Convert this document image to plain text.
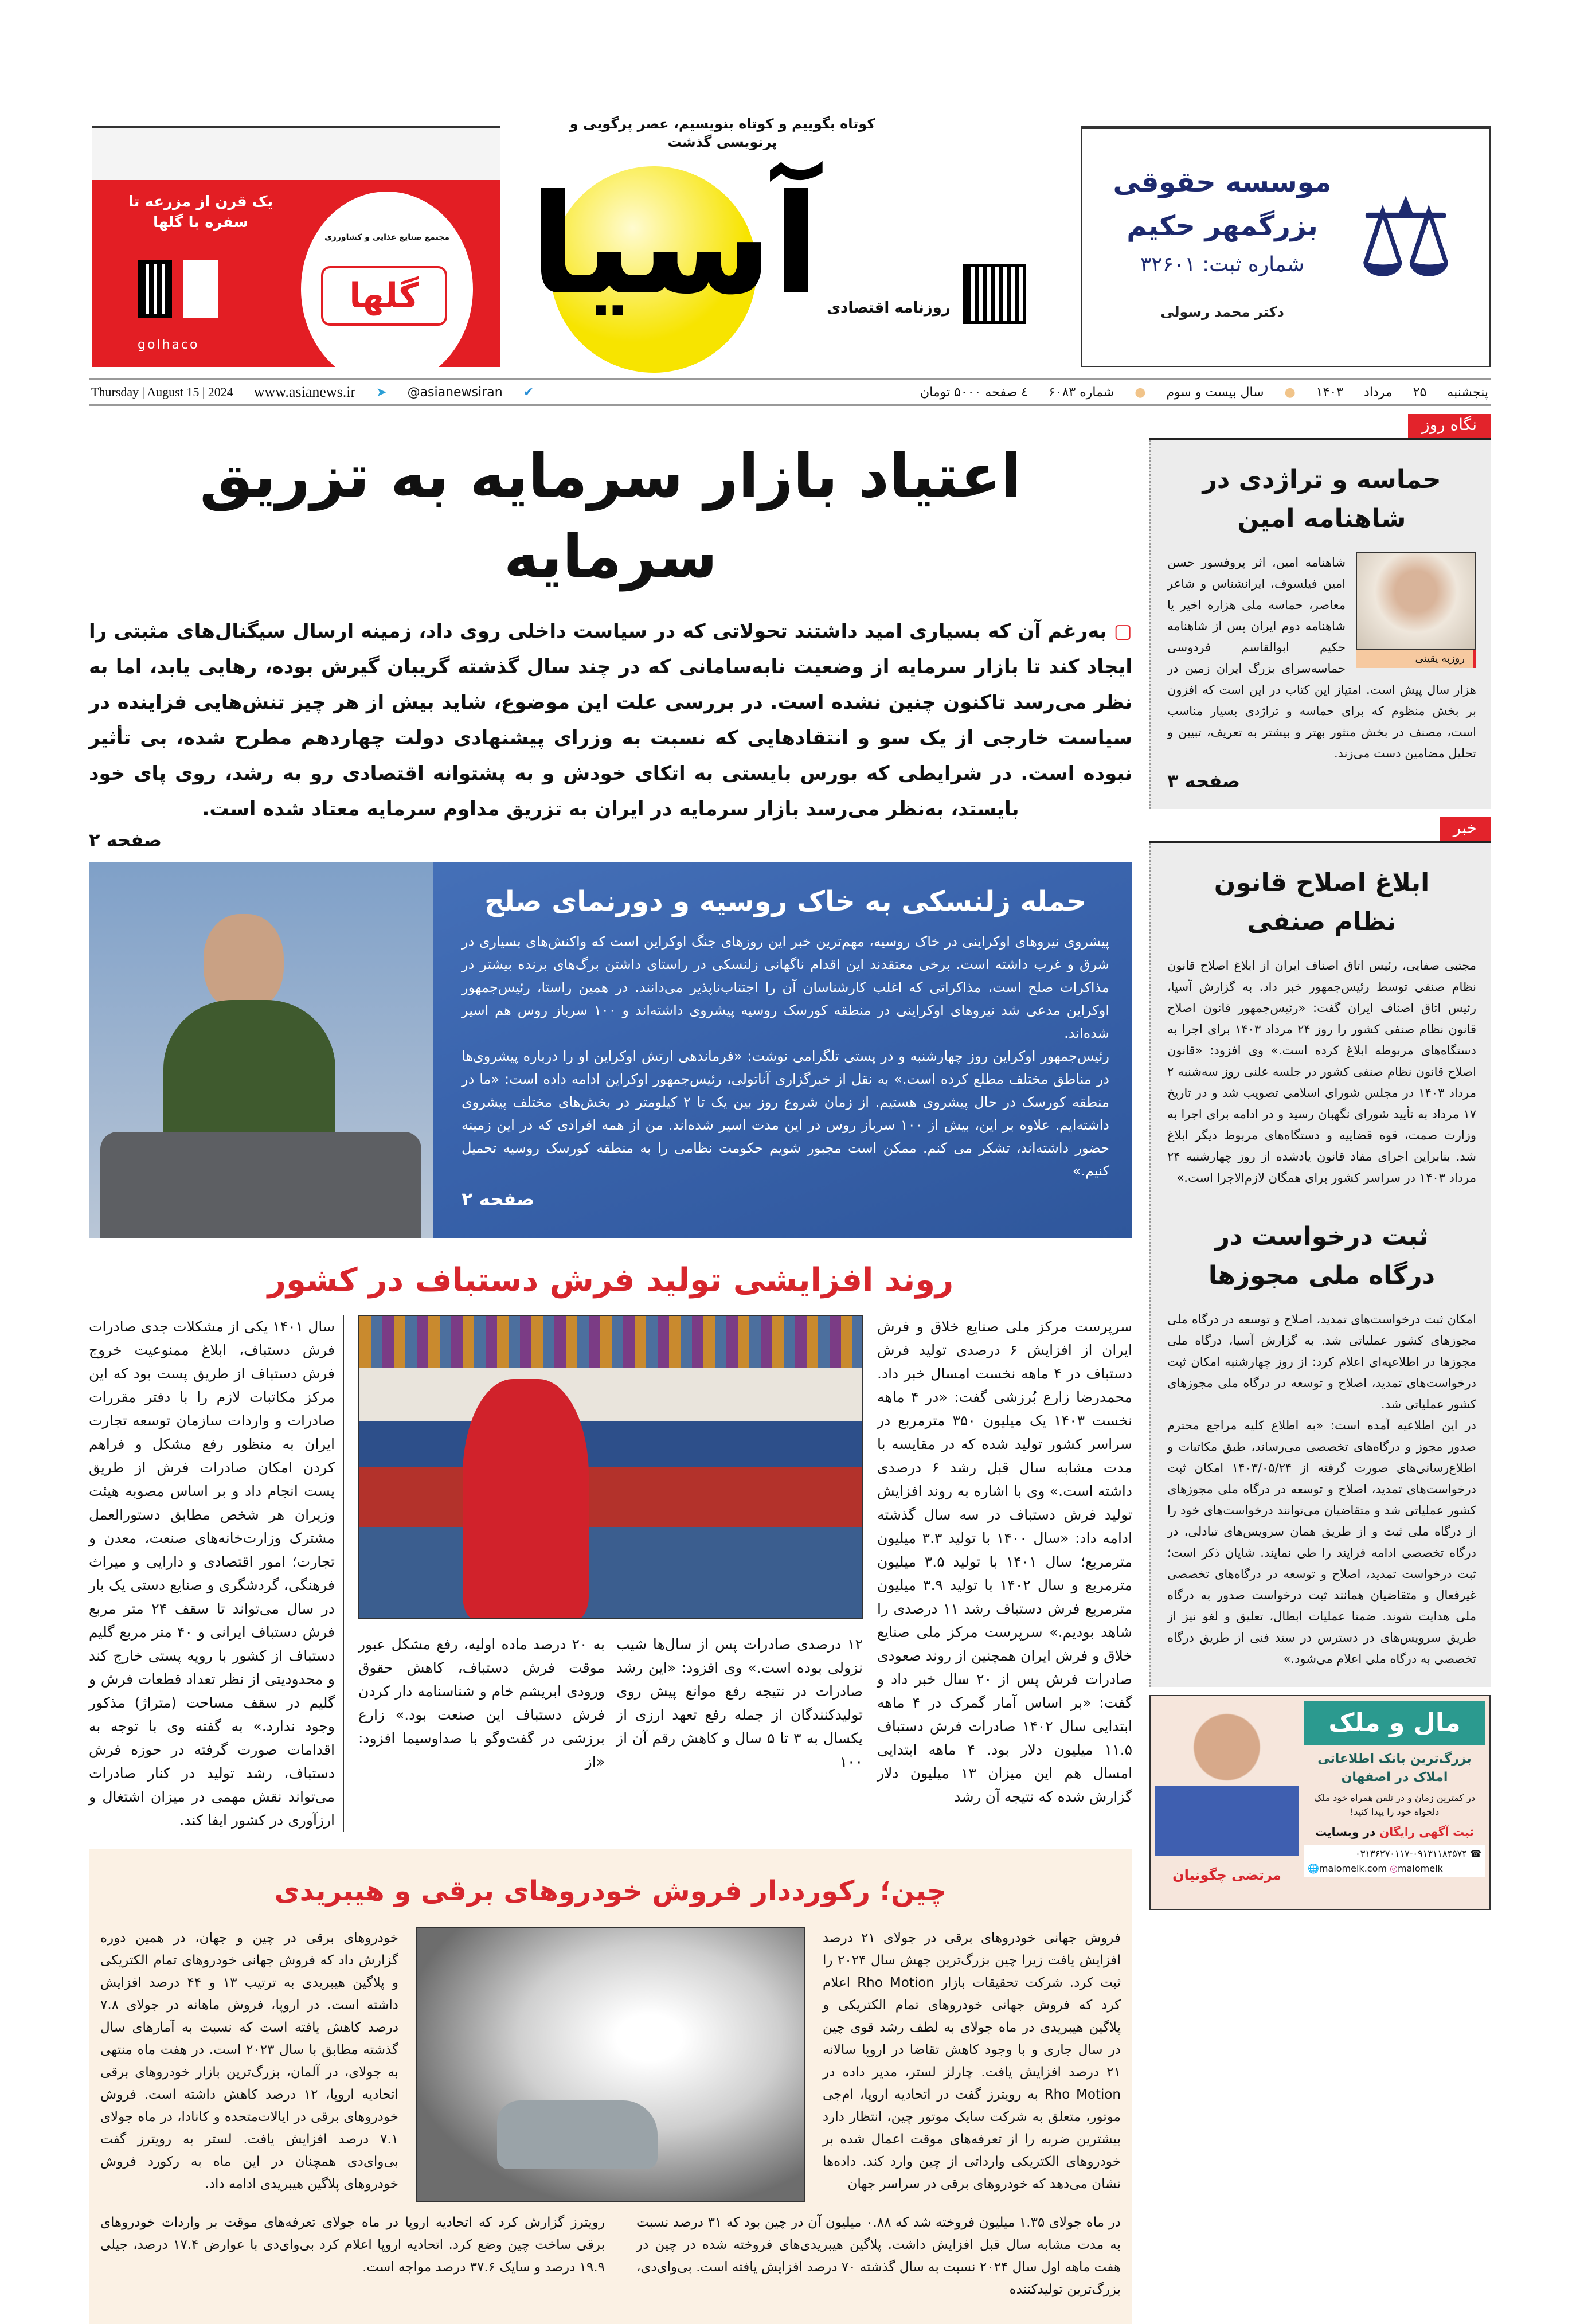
یک قرن از مزرعه تا سفره با گلها
مجتمع صنایع غذایی و کشاورزی
گلها
golhaco
کوتاه بگوییم و کوتاه بنویسیم، عصر پرگویی و پرنویسی گذشت
آسیا روزنامه اقتصادی
⚖
موسسه حقوقی
بزرگمهر حکیم
شماره ثبت: ۳۲۶۰۱
دکتر محمد رسولی
پنجشنبه
۲۵
مرداد
۱۴۰۳
●
سال بیست و سوم
●
شماره ۶۰۸۳
٤ صفحه ۵۰۰۰ تومان
✔
@asianewsiran
➤
www.asianews.ir
Thursday | August 15 | 2024
اعتیاد بازار سرمایه به تزریق سرمایه
▢ به‌رغم آن که بسیاری امید داشتند تحولاتی که در سیاست داخلی روی داد، زمینه ارسال سیگنال‌های مثبتی را ایجاد کند تا بازار سرمایه از وضعیت نابه‌سامانی که در چند سال گذشته گریبان گیرش بوده، رهایی یابد، اما به نظر می‌رسد تاکنون چنین نشده است. در بررسی علت این موضوع، شاید بیش از هر چیز تنش‌هایی فزاینده در سیاست خارجی از یک سو و انتقادهایی که نسبت به وزرای پیشنهادی دولت چهاردهم مطرح شده، بی تأثیر نبوده است. در شرایطی که بورس بایستی به اتکای خودش و به پشتوانه اقتصادی رو به رشد، روی پای خود بایستد، به‌نظر می‌رسد بازار سرمایه در ایران به تزریق مداوم سرمایه معتاد شده است.
صفحه ۲
حمله زلنسکی به خاک روسیه و دورنمای صلح

پیشروی نیروهای اوکراینی در خاک روسیه، مهم‌ترین خبر این روزهای جنگ اوکراین است که واکنش‌های بسیاری در شرق و غرب داشته است. برخی معتقدند این اقدام ناگهانی زلنسکی در راستای داشتن برگ‌های برنده بیشتر در مذاکرات صلح است، مذاکراتی که اغلب کارشناسان آن را اجتناب‌ناپذیر می‌دانند. در همین راستا، رئیس‌جمهور اوکراین مدعی شد نیروهای اوکراینی در منطقه کورسک روسیه پیشروی داشته‌اند و ۱۰۰ سرباز روس هم اسیر شده‌اند.

رئیس‌جمهور اوکراین روز چهارشنبه و در پستی تلگرامی نوشت: «فرماندهی ارتش اوکراین او را درباره پیشروی‌ها در مناطق مختلف مطلع کرده است.» به نقل از خبرگزاری آناتولی، رئیس‌جمهور اوکراین ادامه داده است: «ما در منطقه کورسک در حال پیشروی هستیم. از زمان شروع روز بین یک تا ۲ کیلومتر در بخش‌های مختلف پیشروی داشته‌ایم. علاوه بر این، بیش از ۱۰۰ سرباز روس در این مدت اسیر شده‌اند. من از همه افرادی که در این زمینه حضور داشته‌اند، تشکر می کنم. ممکن است مجبور شویم حکومت نظامی را به منطقه کورسک روسیه تحمیل کنیم.»

صفحه ۲
روند افزایشی تولید فرش دستباف در کشور
سرپرست مرکز ملی صنایع خلاق و فرش ایران از افزایش ۶ درصدی تولید فرش دستباف در ۴ ماهه نخست امسال خبر داد. محمدرضا زارع بُرزشی گفت: «در ۴ ماهه نخست ۱۴۰۳ یک میلیون ۳۵۰ مترمربع در سراسر کشور تولید شده که در مقایسه با مدت مشابه سال قبل رشد ۶ درصدی داشته است.» وی با اشاره به روند افزایش تولید فرش دستباف در سه سال گذشته ادامه داد: «سال ۱۴۰۰ با تولید ۳.۳ میلیون مترمربع؛ سال ۱۴۰۱ با تولید ۳.۵ میلیون مترمربع و سال ۱۴۰۲ با تولید ۳.۹ میلیون مترمربع فرش دستباف رشد ۱۱ درصدی را شاهد بودیم.» سرپرست مرکز ملی صنایع خلاق و فرش ایران همچنین از روند صعودی صادرات فرش پس از ۲۰ سال خبر داد و گفت: «بر اساس آمار گمرک در ۴ ماهه ابتدایی سال ۱۴۰۲ صادرات فرش دستباف ۱۱.۵ میلیون دلار بود. ۴ ماهه ابتدایی امسال هم این میزان ۱۳ میلیون دلار گزارش شده که نتیجه آن رشد
۱۲ درصدی صادرات پس از سال‌ها شیب نزولی بوده است.» وی افزود: «این رشد صادرات در نتیجه رفع موانع پیش روی تولیدکنندگان از جمله رفع تعهد ارزی از یکسال به ۳ تا ۵ سال و کاهش رقم آن از ۱۰۰
به ۲۰ درصد ماده اولیه، رفع مشکل عبور موقت فرش دستباف، کاهش حقوق ورودی ابریشم خام و شناسنامه دار کردن فرش دستباف این صنعت بود.» زارع برزشی در گفت‌وگو با صداوسیما افزود: «از
سال ۱۴۰۱ یکی از مشکلات جدی صادرات فرش دستباف، ابلاغ ممنوعیت خروج فرش دستباف از طریق پست بود که این مرکز مکاتبات لازم را با دفتر مقررات صادرات و واردات سازمان توسعه تجارت ایران به منظور رفع مشکل و فراهم کردن امکان صادرات فرش از طریق پست انجام داد و بر اساس مصوبه هیئت وزیران هر شخص مطابق دستورالعمل مشترک وزارت‌خانه‌های صنعت، معدن و تجارت؛ امور اقتصادی و دارایی و میراث فرهنگی، گردشگری و صنایع دستی یک بار در سال می‌تواند تا سقف ۲۴ متر مربع فرش دستباف ایرانی و ۴۰ متر مربع گلیم دستباف از کشور با رویه پستی خارج کند و محدودیتی از نظر تعداد قطعات فرش و گلیم در سقف مساحت (متراژ) مذکور وجود ندارد.» به گفته وی با توجه به اقدامات صورت گرفته در حوزه فرش دستباف، رشد تولید در کنار صادرات می‌تواند نقش مهمی در میزان اشتغال و ارزآوری در کشور ایفا کند.
چین؛ رکورددار فروش خودروهای برقی و هیبریدی
فروش جهانی خودروهای برقی در جولای ۲۱ درصد افزایش یافت زیرا چین بزرگ‌ترین جهش سال ۲۰۲۴ را ثبت کرد. شرکت تحقیقات بازار Rho Motion اعلام کرد که فروش جهانی خودروهای تمام الکتریکی و پلاگین هیبریدی در ماه جولای به لطف رشد قوی چین در سال جاری و با وجود کاهش تقاضا در اروپا سالانه ۲۱ درصد افزایش یافت. چارلز لستر، مدیر داده در Rho Motion به رویترز گفت در اتحادیه اروپا، ام‌جی موتور، متعلق به شرکت سایک موتور چین، انتظار دارد بیشترین ضربه را از تعرفه‌های موقت اعمال شده بر خودروهای الکتریکی وارداتی از چین وارد کند. داده‌ها نشان می‌دهد که خودروهای برقی در سراسر جهان
خودروهای برقی در چین و جهان، در همین دوره گزارش داد که فروش جهانی خودروهای تمام الکتریکی و پلاگین هیبریدی به ترتیب ۱۳ و ۴۴ درصد افزایش داشته است. در اروپا، فروش ماهانه در جولای ۷.۸ درصد کاهش یافته است که نسبت به آمارهای سال گذشته مطابق با سال ۲۰۲۳ است. در هفت ماه منتهی به جولای، در آلمان، بزرگ‌ترین بازار خودروهای برقی اتحادیه اروپا، ۱۲ درصد کاهش داشته است. فروش خودروهای برقی در ایالات‌متحده و کانادا، در ماه جولای ۷.۱ درصد افزایش یافت. لستر به رویترز گفت بی‌وای‌دی همچنان در این ماه به رکورد فروش خودروهای پلاگین هیبریدی ادامه داد.
در ماه جولای ۱.۳۵ میلیون فروخته شد که ۰.۸۸ میلیون آن در چین بود که ۳۱ درصد نسبت به مدت مشابه سال قبل افزایش داشت. پلاگین هیبریدی‌های فروخته شده در چین در هفت ماهه اول سال ۲۰۲۴ نسبت به سال گذشته ۷۰ درصد افزایش یافته است. بی‌وای‌دی، بزرگ‌ترین تولیدکننده
رویترز گزارش کرد که اتحادیه اروپا در ماه جولای تعرفه‌های موقت بر واردات خودروهای برقی ساخت چین وضع کرد. اتحادیه اروپا اعلام کرد بی‌وای‌دی با عوارض ۱۷.۴ درصد، جیلی ۱۹.۹ درصد و سایک ۳۷.۶ درصد مواجه است.
نگاه روز
حماسه و تراژدی در شاهنامه امین
روزبه یقینی
شاهنامه امین، اثر پروفسور حسن امین فیلسوف، ایرانشناس و شاعر معاصر، حماسه ملی هزاره اخیر یا شاهنامه دوم ایران پس از شاهنامه حکیم ابوالقاسم فردوسی حماسه‌سرای بزرگ ایران زمین در هزار سال پیش است. امتیاز این کتاب در این است که افزون بر بخش منظوم که برای حماسه و تراژدی بسیار مناسب است، مصنف در بخش منثور بهتر و بیشتر به تعریف، تبیین و تحلیل مضامین دست می‌زند.
صفحه ۳
خبر
ابلاغ اصلاح قانون نظام صنفی
مجتبی صفایی، رئیس اتاق اصناف ایران از ابلاغ اصلاح قانون نظام صنفی توسط رئیس‌جمهور خبر داد. به گزارش آسیا، رئیس اتاق اصناف ایران گفت: «رئیس‌جمهور قانون اصلاح قانون نظام صنفی کشور را روز ۲۴ مرداد ۱۴۰۳ برای اجرا به دستگاه‌های مربوطه ابلاغ کرده است.» وی افزود: «قانون اصلاح قانون نظام صنفی کشور در جلسه علنی روز سه‌شنبه ۲ مرداد ۱۴۰۳ در مجلس شورای اسلامی تصویب شد و در تاریخ ۱۷ مرداد به تأیید شورای نگهبان رسید و در ادامه برای اجرا به وزارت صمت، قوه قضاییه و دستگاه‌های مربوط دیگر ابلاغ شد. بنابراین اجرای مفاد قانون یادشده از روز چهارشنبه ۲۴ مرداد ۱۴۰۳ در سراسر کشور برای همگان لازم‌الاجرا است.»
ثبت درخواست در درگاه ملی مجوزها

امکان ثبت درخواست‌های تمدید، اصلاح و توسعه در درگاه ملی مجوزهای کشور عملیاتی شد. به گزارش آسیا، درگاه ملی مجوزها در اطلاعیه‌ای اعلام کرد: از روز چهارشنبه امکان ثبت درخواست‌های تمدید، اصلاح و توسعه در درگاه ملی مجوزهای کشور عملیاتی شد.

در این اطلاعیه آمده است: «به اطلاع کلیه مراجع محترم صدور مجوز و درگاه‌های تخصصی می‌رساند، طبق مکاتبات و اطلاع‌رسانی‌های صورت گرفته از ۱۴۰۳/۰۵/۲۴ امکان ثبت درخواست‌های تمدید، اصلاح و توسعه در درگاه ملی مجوزهای کشور عملیاتی شد و متقاضیان می‌توانند درخواست‌های خود را از درگاه ملی ثبت و از طریق همان سرویس‌های تبادلی، در درگاه تخصصی ادامه فرایند را طی نمایند. شایان ذکر است؛ ثبت درخواست تمدید، اصلاح و توسعه در درگاه‌های تخصصی غیرفعال و متقاضیان همانند ثبت درخواست صدور به درگاه ملی هدایت شوند. ضمنا عملیات ابطال، تعلیق و لغو نیز از طریق سرویس‌های در دسترس در سند فنی از طریق درگاه تخصصی به درگاه ملی اعلام می‌شود.»

مال و ملک
بزرگ‌ترین بانک اطلاعاتی املاک در اصفهان
در کمترین زمان و در تلفن همراه خود ملک دلخواه خود را پیدا کنید!
ثبت آگهی رایگان در وبسایت
☎ ۰۳۱۳۶۲۷۰۱۱۷-۰۹۱۳۱۱۸۴۵۷۴
🌐malomelk.com ◎malomelk
مرتضی چگونیان
